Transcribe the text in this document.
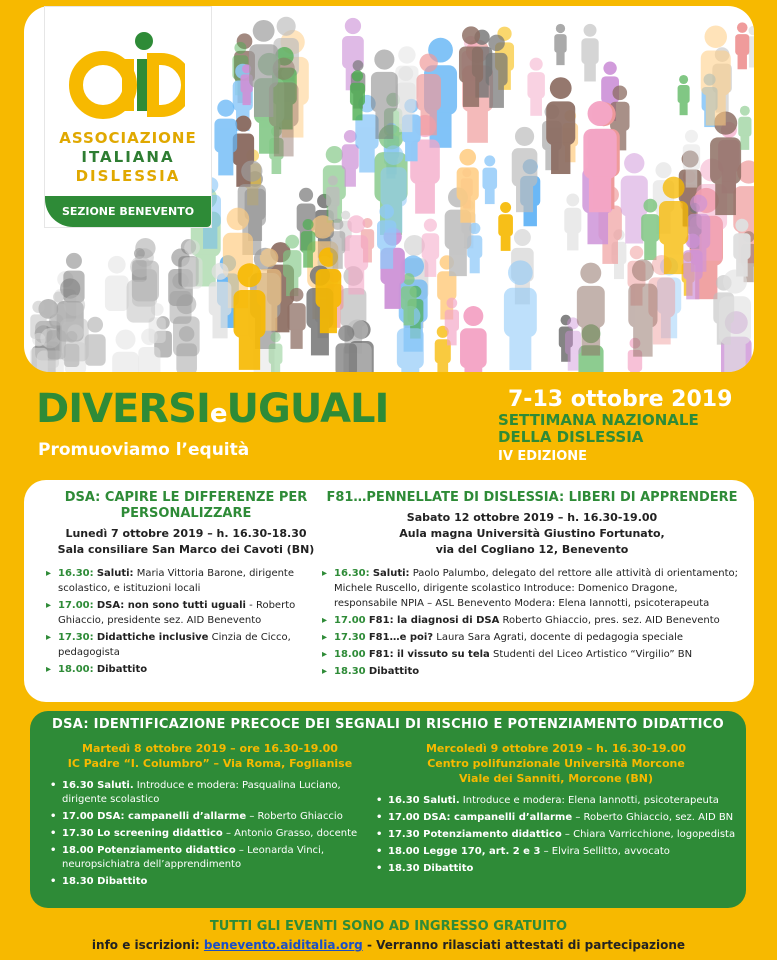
ASSOCIAZIONE
ITALIANA
DISLESSIA
SEZIONE BENEVENTO
DIVERSIeUGUALI
Promuoviamo l’equità
7-13 ottobre 2019
SETTIMANA NAZIONALE
DELLA DISLESSIA
IV EDIZIONE
DSA: CAPIRE LE DIFFERENZE PER PERSONALIZZARE
Lunedì 7 ottobre 2019 – h. 16.30-18.30
Sala consiliare San Marco dei Cavoti (BN)
▸ 16.30: Saluti: Maria Vittoria Barone, dirigente scolastico, e istituzioni locali
▸ 17.00: DSA: non sono tutti uguali - Roberto Ghiaccio, presidente sez. AID Benevento
▸ 17.30: Didattiche inclusive Cinzia de Cicco, pedagogista
▸ 18.00: Dibattito
F81…PENNELLATE DI DISLESSIA: LIBERI DI APPRENDERE
Sabato 12 ottobre 2019 – h. 16.30-19.00
Aula magna Università Giustino Fortunato,
via del Cogliano 12, Benevento
▸ 16.30: Saluti: Paolo Palumbo, delegato del rettore alle attività di orientamento; Michele Ruscello, dirigente scolastico Introduce: Domenico Dragone, responsabile NPIA – ASL Benevento Modera: Elena Iannotti, psicoterapeuta
▸ 17.00 F81: la diagnosi di DSA Roberto Ghiaccio, pres. sez. AID Benevento
▸ 17.30 F81…e poi? Laura Sara Agrati, docente di pedagogia speciale
▸ 18.00 F81: il vissuto su tela Studenti del Liceo Artistico “Virgilio” BN
▸ 18.30 Dibattito
DSA: IDENTIFICAZIONE PRECOCE DEI SEGNALI DI RISCHIO E POTENZIAMENTO DIDATTICO
Martedì 8 ottobre 2019 – ore 16.30-19.00
IC Padre “I. Columbro” – Via Roma, Foglianise
• 16.30 Saluti. Introduce e modera: Pasqualina Luciano, dirigente scolastico
• 17.00 DSA: campanelli d’allarme – Roberto Ghiaccio
• 17.30 Lo screening didattico – Antonio Grasso, docente
• 18.00 Potenziamento didattico – Leonarda Vinci, neuropsichiatra dell’apprendimento
• 18.30 Dibattito
Mercoledì 9 ottobre 2019 – h. 16.30-19.00
Centro polifunzionale Università Morcone
Viale dei Sanniti, Morcone (BN)
• 16.30 Saluti. Introduce e modera: Elena Iannotti, psicoterapeuta
• 17.00 DSA: campanelli d’allarme – Roberto Ghiaccio, sez. AID BN
• 17.30 Potenziamento didattico – Chiara Varricchione, logopedista
• 18.00 Legge 170, art. 2 e 3 – Elvira Sellitto, avvocato
• 18.30 Dibattito
TUTTI GLI EVENTI SONO AD INGRESSO GRATUITO
info e iscrizioni: benevento.aiditalia.org - Verranno rilasciati attestati di partecipazione
